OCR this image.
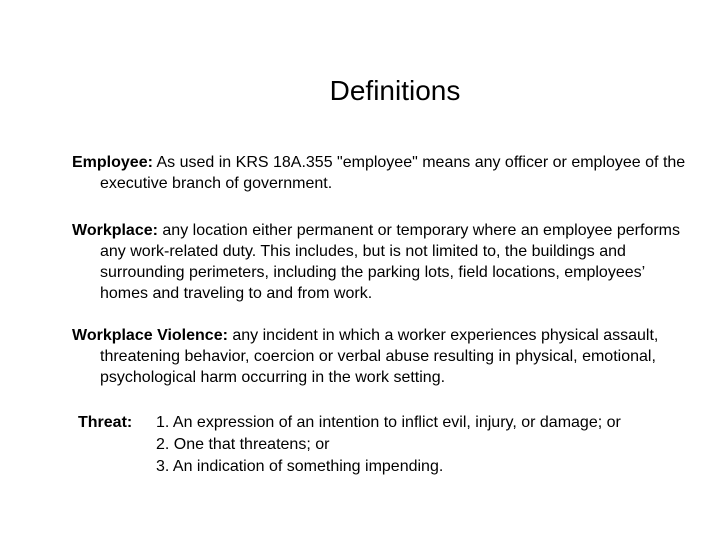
Definitions

Employee: As used in KRS 18A.355 "employee" means any officer or employee of the executive branch of government.

Workplace: any location either permanent or temporary where an employee performs any work-related duty. This includes, but is not limited to, the buildings and surrounding perimeters, including the parking lots, field locations, employees’ homes and traveling to and from work.

Workplace Violence: any incident in which a worker experiences physical assault, threatening behavior, coercion or verbal abuse resulting in physical, emotional, psychological harm occurring in the work setting.

Threat:	1. An expression of an intention to inflict evil, injury, or damage; or
2. One that threatens; or
3. An indication of something impending.
